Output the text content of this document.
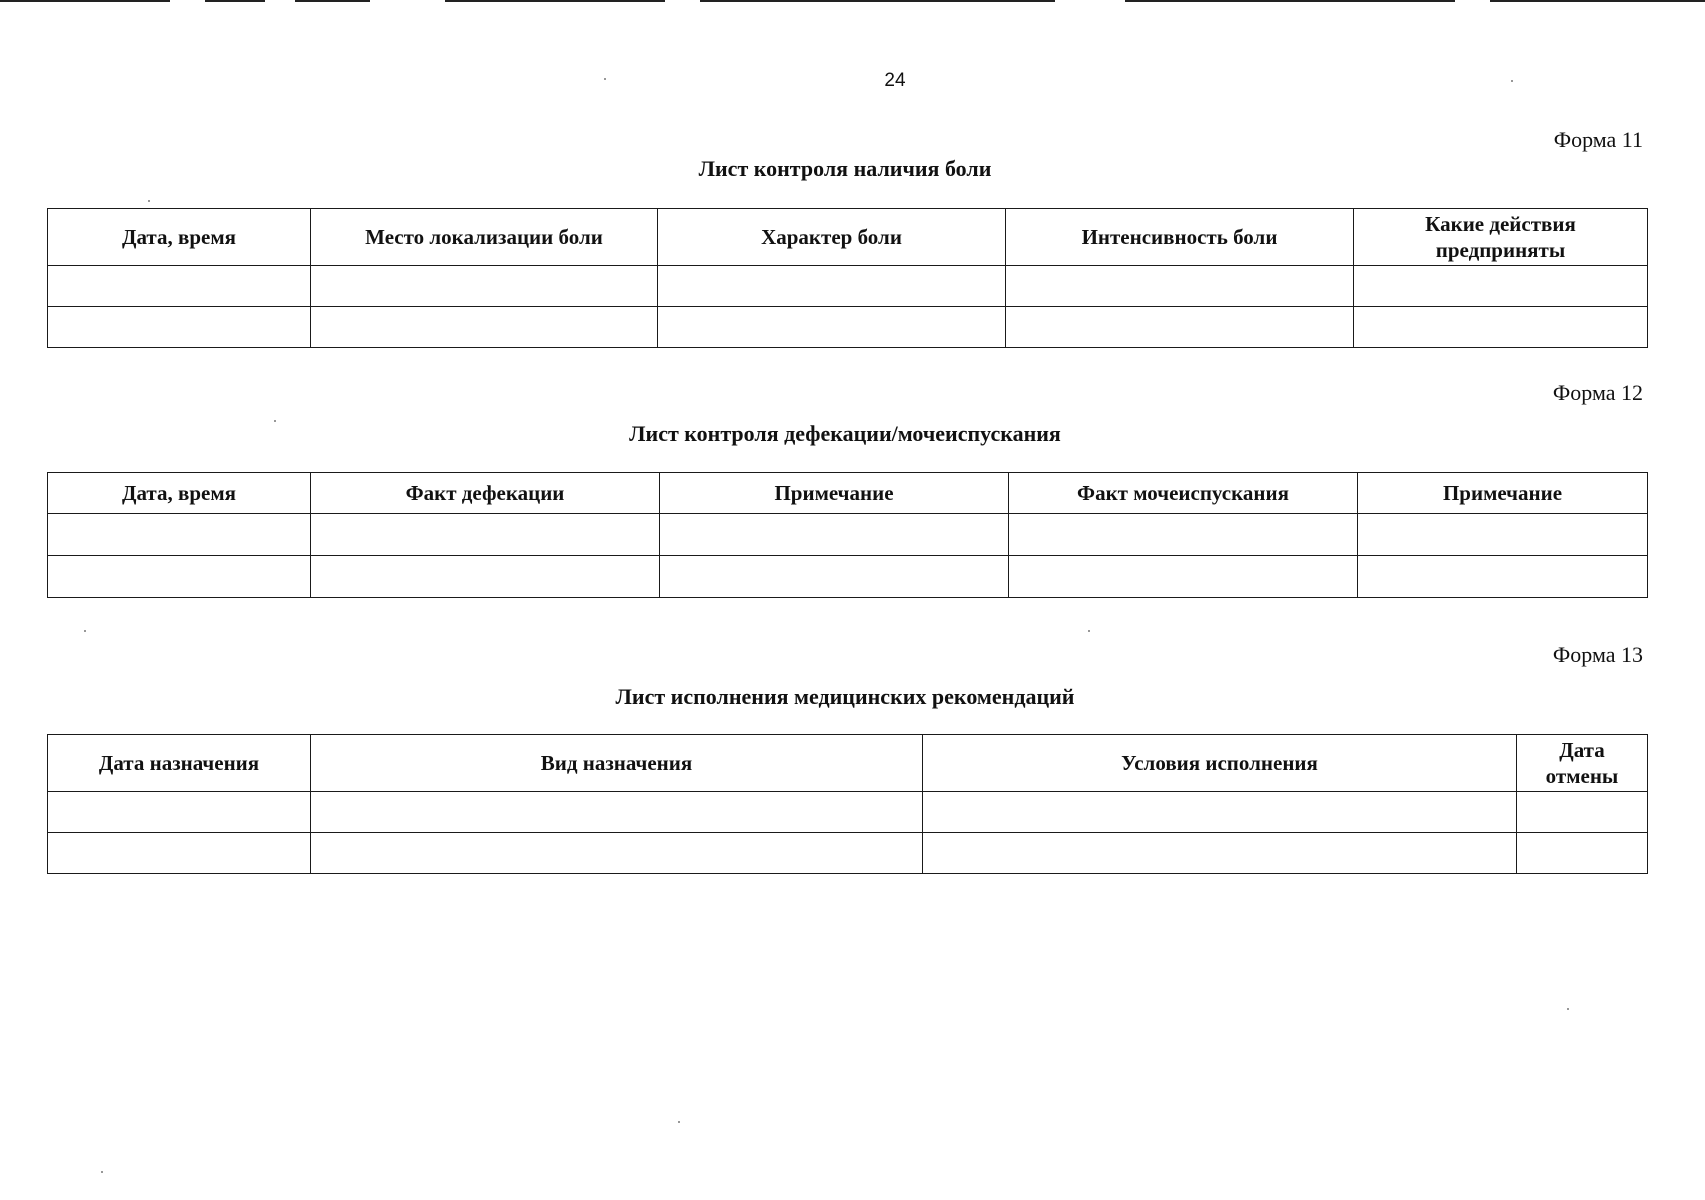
24
Форма 11
Лист контроля наличия боли
Дата, время	Место локализации боли	Характер боли	Интенсивность боли	Какие действия предприняты

Форма 12
Лист контроля дефекации/мочеиспускания
Дата, время	Факт дефекации	Примечание	Факт мочеиспускания	Примечание

Форма 13
Лист исполнения медицинских рекомендаций
Дата назначения	Вид назначения	Условия исполнения	Дата отмены
